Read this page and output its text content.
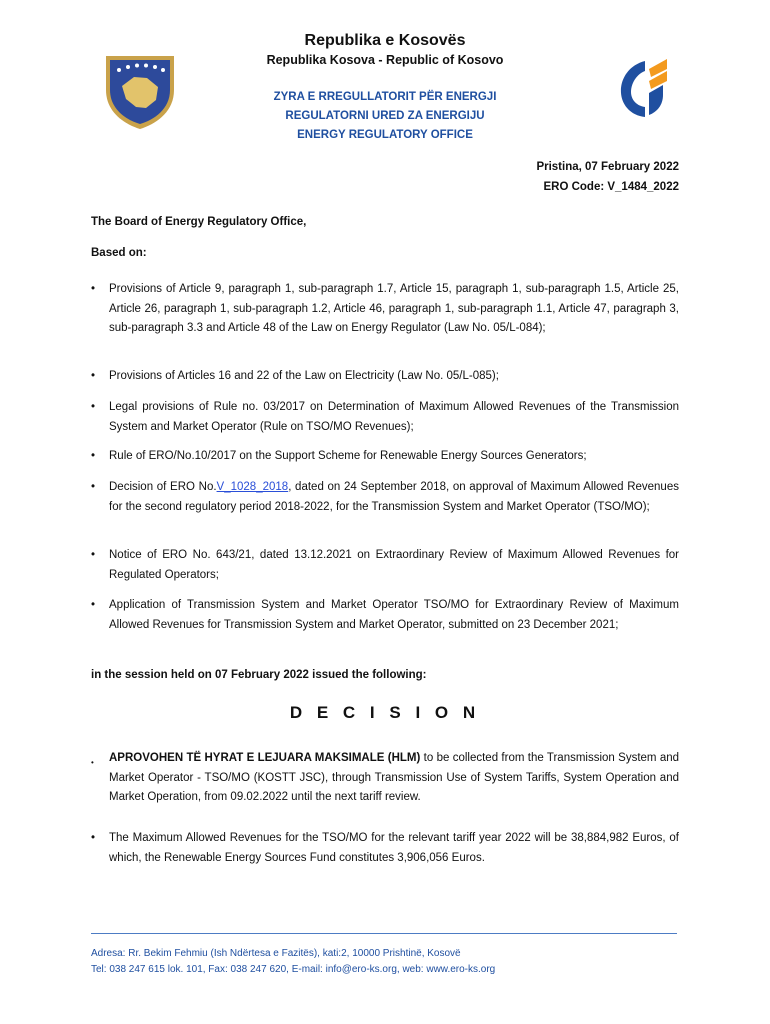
Republika e Kosovës
Republika Kosova - Republic of Kosovo
ZYRA E RREGULLATORIT PËR ENERGJI
REGULATORNI URED ZA ENERGIJU
ENERGY REGULATORY OFFICE
Pristina, 07 February 2022
ERO Code: V_1484_2022
The Board of Energy Regulatory Office,
Based on:
• Provisions of Article 9, paragraph 1, sub-paragraph 1.7, Article 15, paragraph 1, sub-paragraph 1.5, Article 25, Article 26, paragraph 1, sub-paragraph 1.2, Article 46, paragraph 1, sub-paragraph 1.1, Article 47, paragraph 3, sub-paragraph 3.3 and Article 48 of the Law on Energy Regulator (Law No. 05/L-084);
• Provisions of Articles 16 and 22 of the Law on Electricity (Law No. 05/L-085);
• Legal provisions of Rule no. 03/2017 on Determination of Maximum Allowed Revenues of the Transmission System and Market Operator (Rule on TSO/MO Revenues);
• Rule of ERO/No.10/2017 on the Support Scheme for Renewable Energy Sources Generators;
• Decision of ERO No.V_1028_2018, dated on 24 September 2018, on approval of Maximum Allowed Revenues for the second regulatory period 2018-2022, for the Transmission System and Market Operator (TSO/MO);
• Notice of ERO No. 643/21, dated 13.12.2021 on Extraordinary Review of Maximum Allowed Revenues for Regulated Operators;
• Application of Transmission System and Market Operator TSO/MO for Extraordinary Review of Maximum Allowed Revenues for Transmission System and Market Operator, submitted on 23 December 2021;
in the session held on 07 February 2022 issued the following:
D E C I S I O N
• APROVOHEN TË HYRAT E LEJUARA MAKSIMALE (HLM) to be collected from the Transmission System and Market Operator - TSO/MO (KOSTT JSC), through Transmission Use of System Tariffs, System Operation and Market Operation, from 09.02.2022 until the next tariff review.
• The Maximum Allowed Revenues for the TSO/MO for the relevant tariff year 2022 will be 38,884,982 Euros, of which, the Renewable Energy Sources Fund constitutes 3,906,056 Euros.
Adresa: Rr. Bekim Fehmiu (Ish Ndërtesa e Fazitës), kati:2, 10000 Prishtinë, Kosovë
Tel: 038 247 615 lok. 101, Fax: 038 247 620, E-mail: info@ero-ks.org, web: www.ero-ks.org
